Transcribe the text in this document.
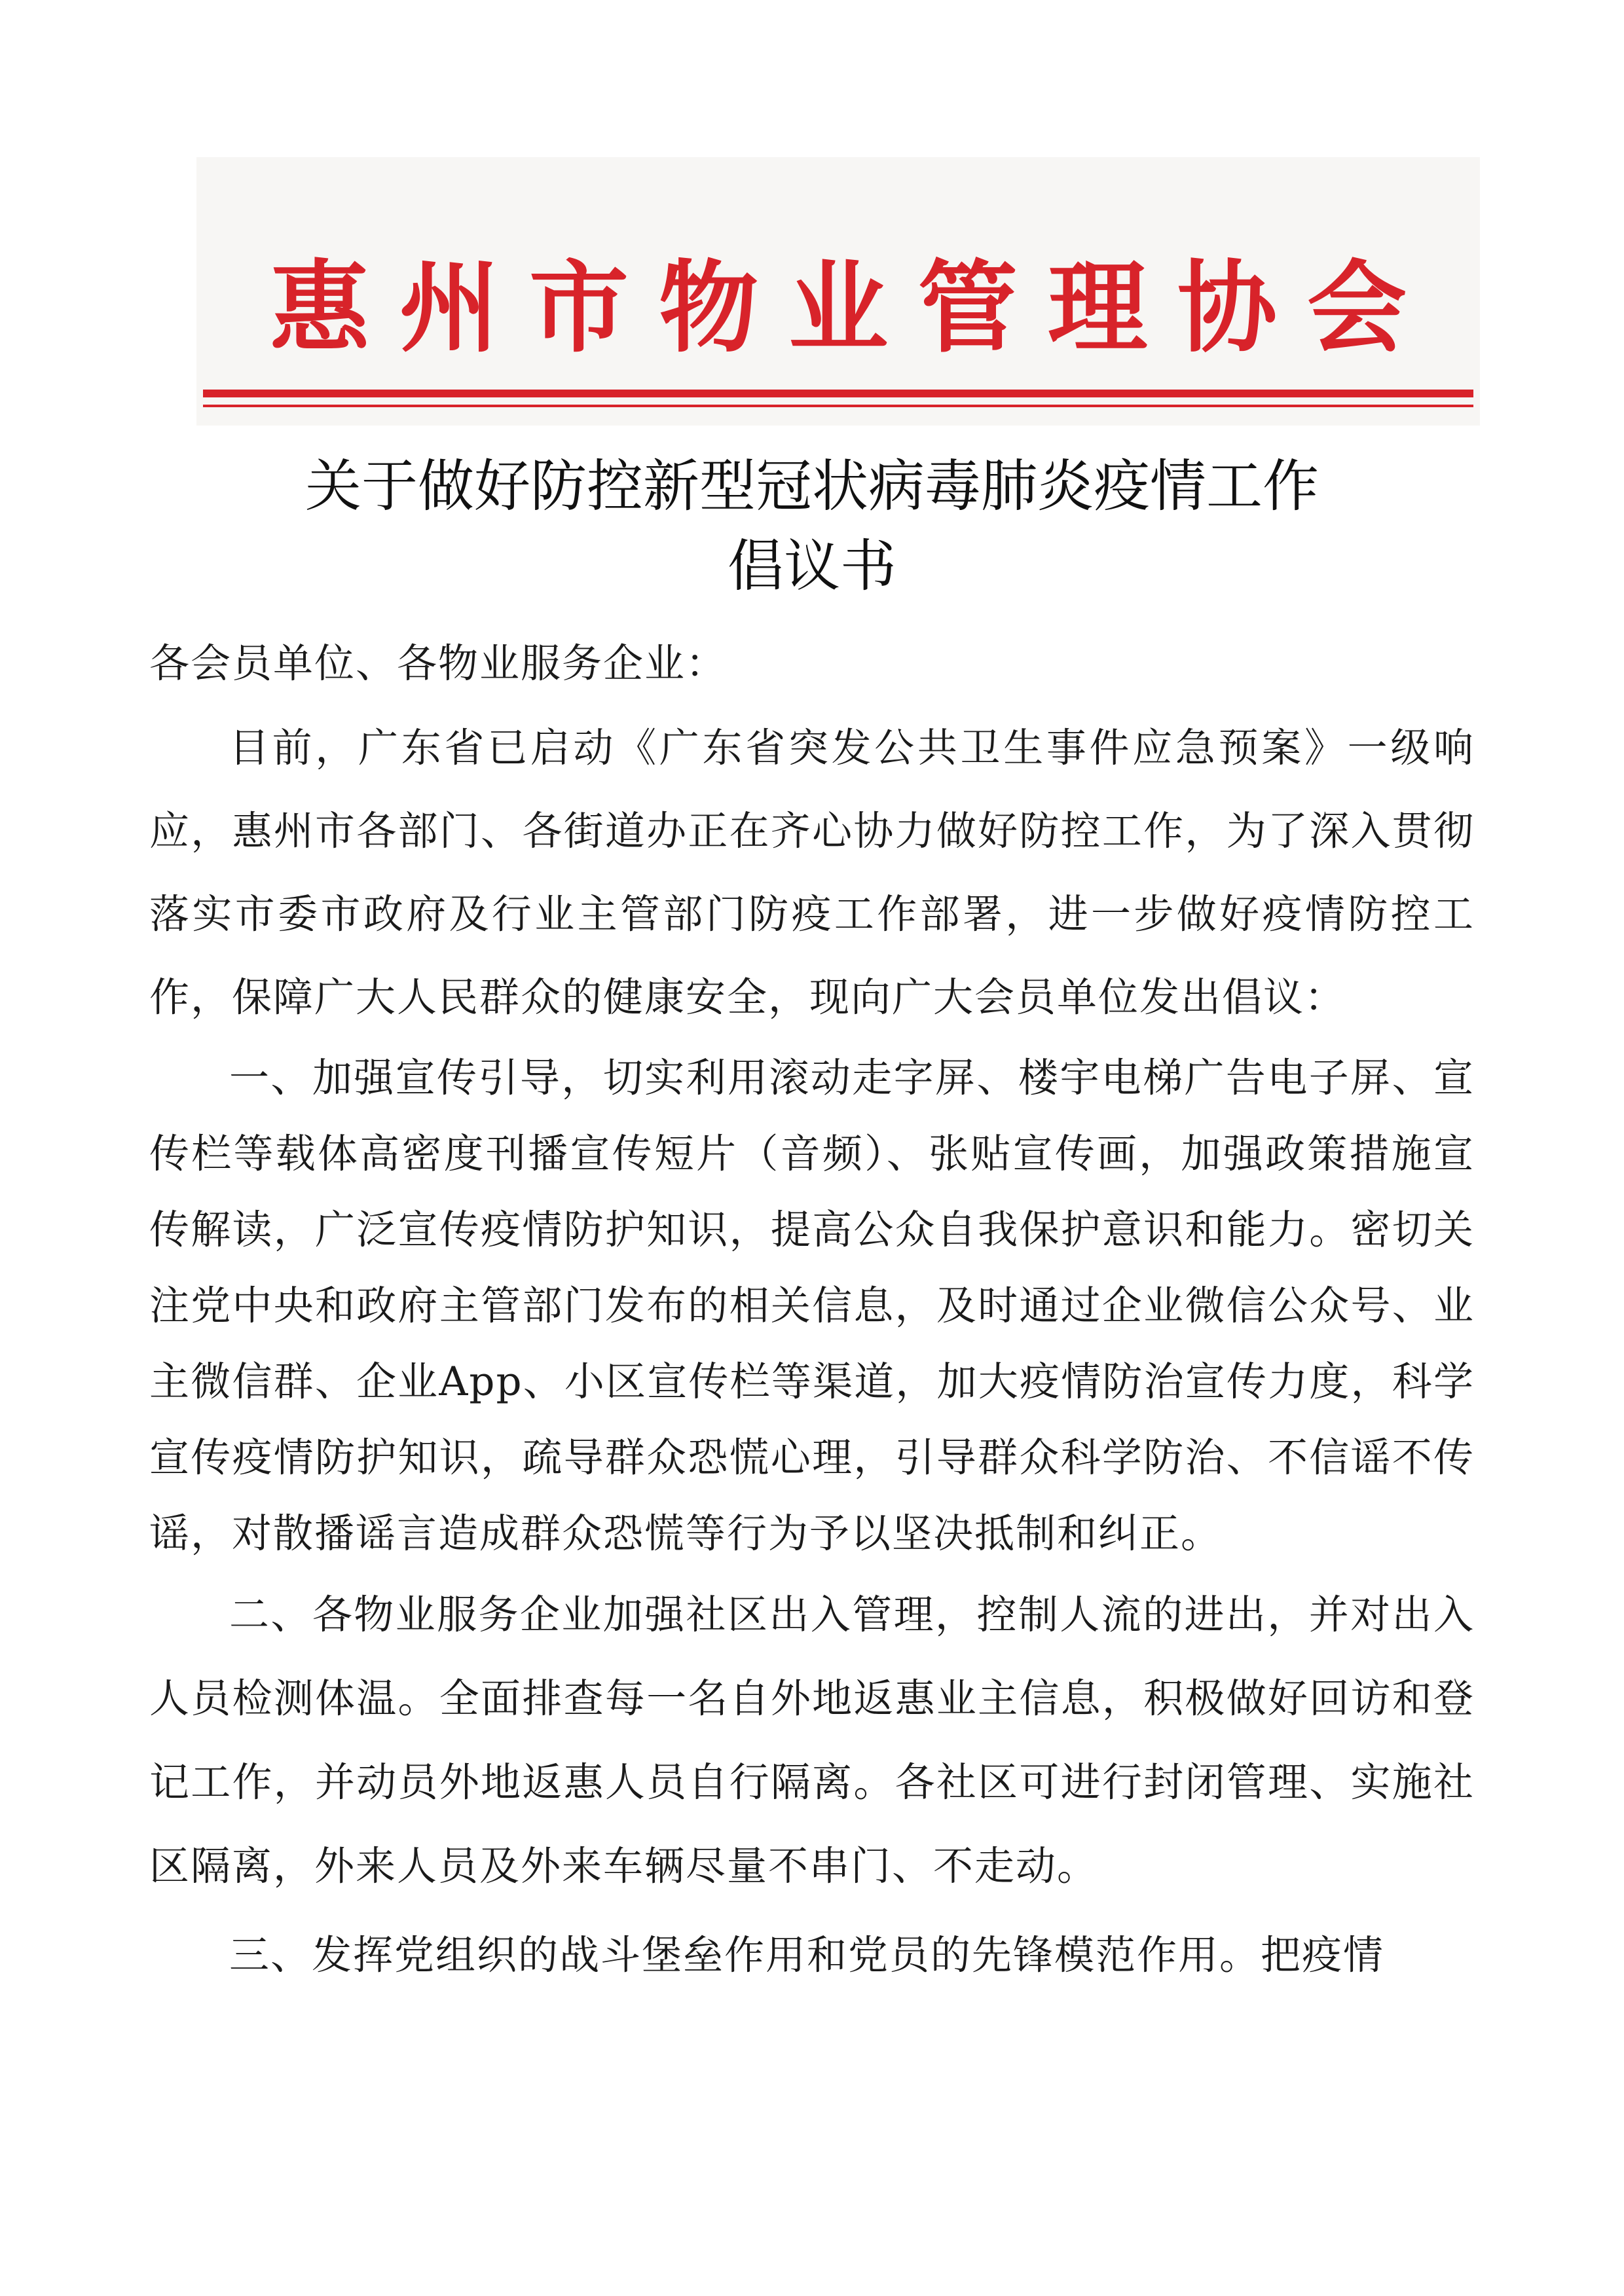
惠州市物业管理协会
关于做好防控新型冠状病毒肺炎疫情工作
倡议书

各会员单位、各物业服务企业：

目前，广东省已启动《广东省突发公共卫生事件应急预案》一级响应，惠州市各部门、各街道办正在齐心协力做好防控工作，为了深入贯彻落实市委市政府及行业主管部门防疫工作部署，进一步做好疫情防控工作，保障广大人民群众的健康安全，现向广大会员单位发出倡议：

一、加强宣传引导，切实利用滚动走字屏、楼宇电梯广告电子屏、宣传栏等载体高密度刊播宣传短片（音频）、张贴宣传画，加强政策措施宣传解读，广泛宣传疫情防护知识，提高公众自我保护意识和能力。密切关注党中央和政府主管部门发布的相关信息，及时通过企业微信公众号、业主微信群、企业App、小区宣传栏等渠道，加大疫情防治宣传力度，科学宣传疫情防护知识，疏导群众恐慌心理，引导群众科学防治、不信谣不传谣，对散播谣言造成群众恐慌等行为予以坚决抵制和纠正。

二、各物业服务企业加强社区出入管理，控制人流的进出，并对出入人员检测体温。全面排查每一名自外地返惠业主信息，积极做好回访和登记工作，并动员外地返惠人员自行隔离。各社区可进行封闭管理、实施社区隔离，外来人员及外来车辆尽量不串门、不走动。

三、发挥党组织的战斗堡垒作用和党员的先锋模范作用。把疫情
